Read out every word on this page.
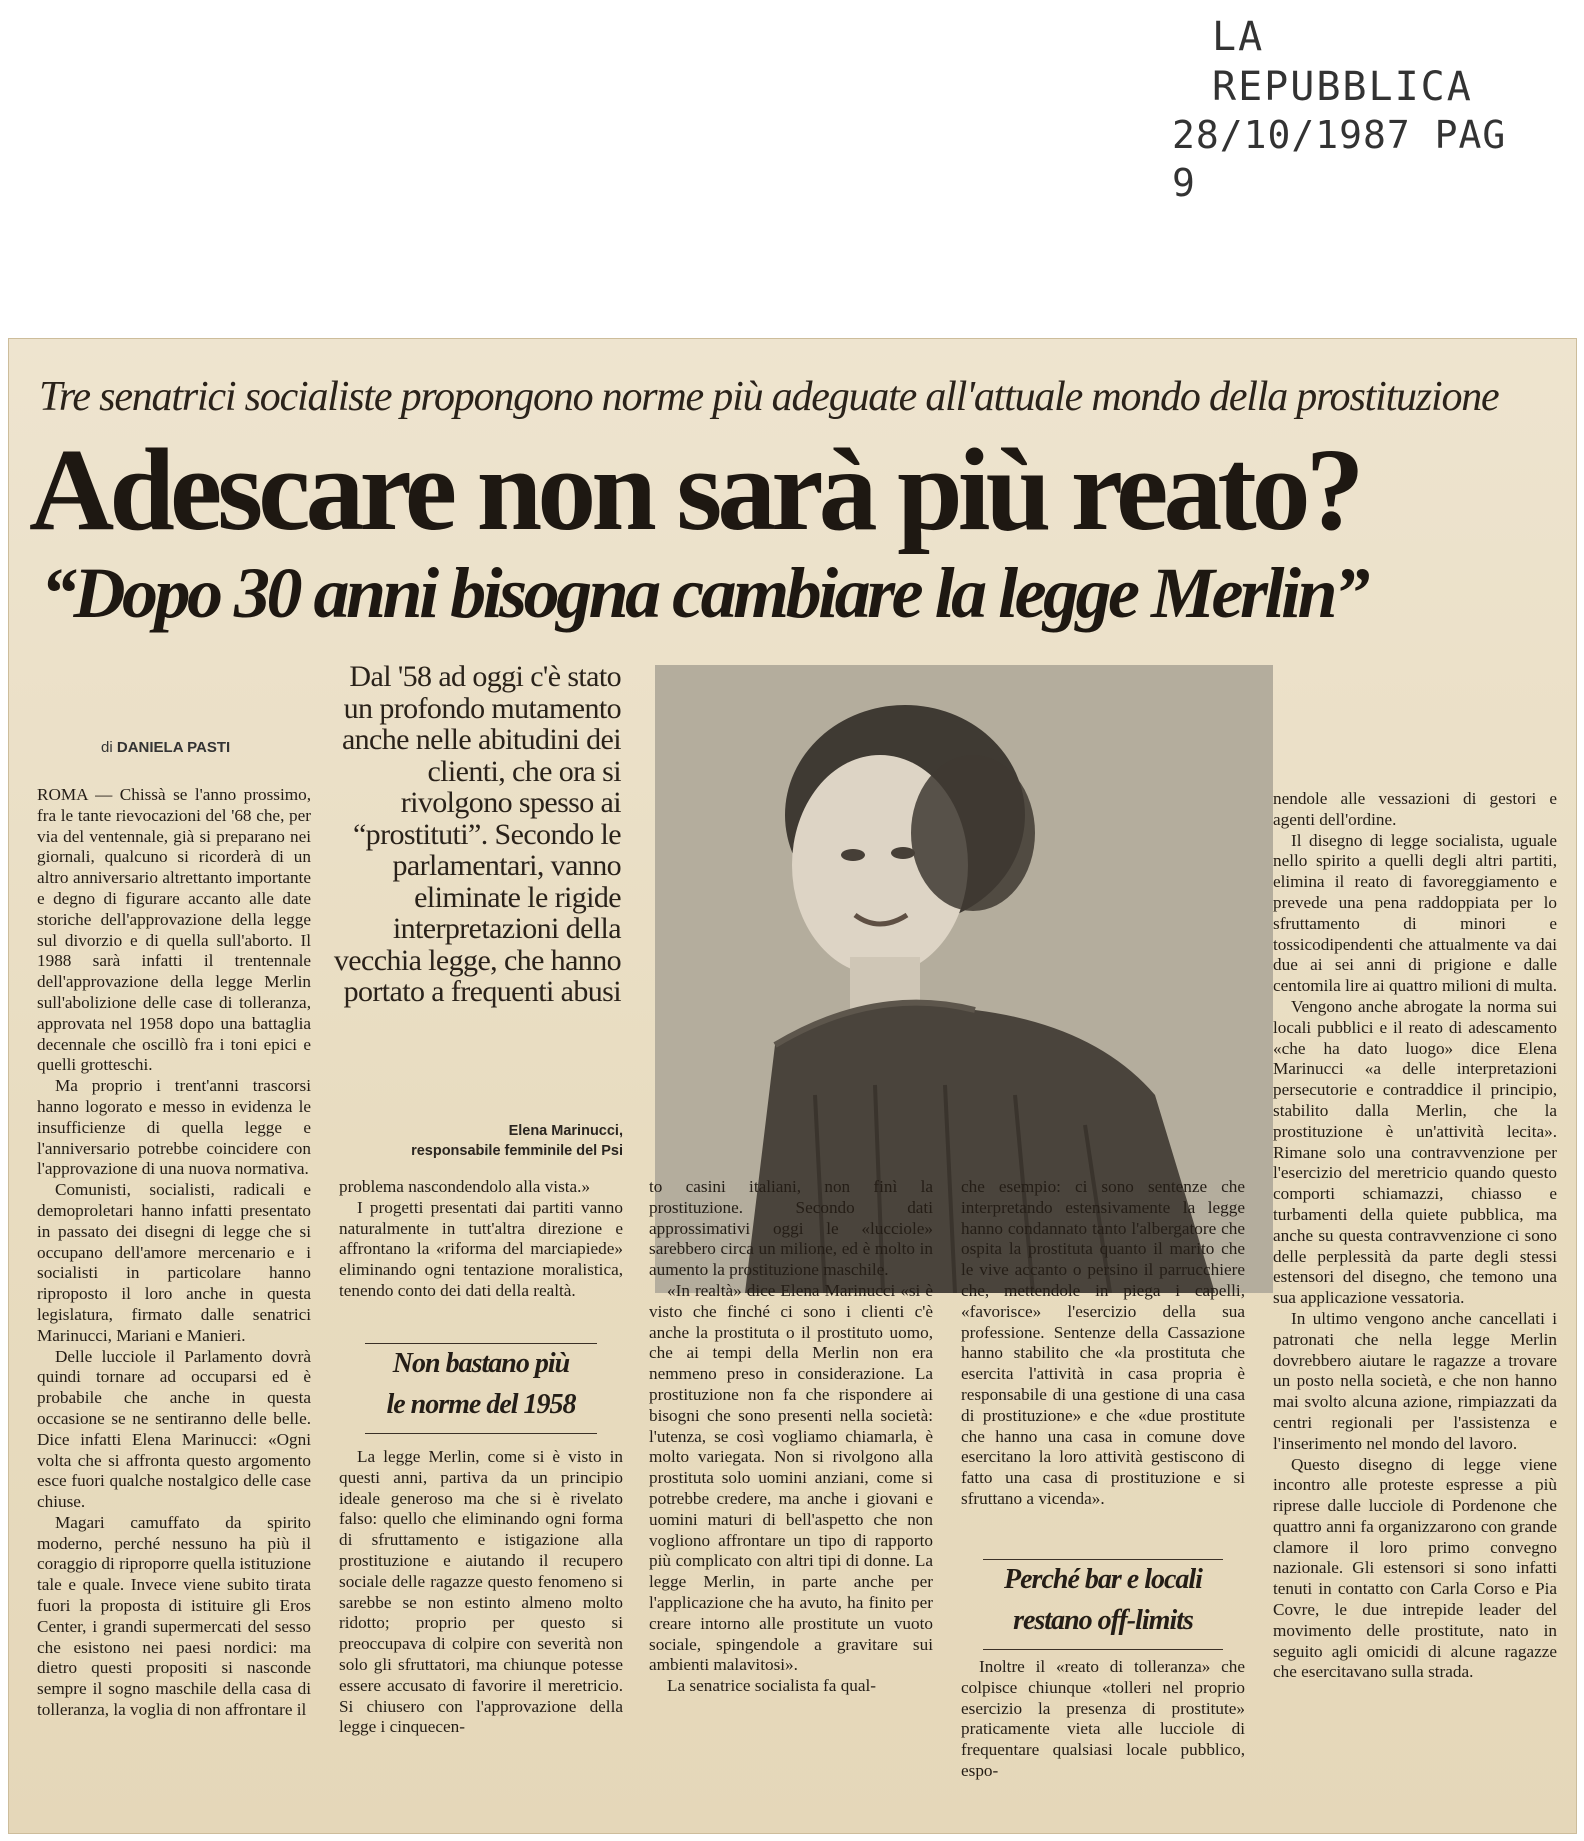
LA REPUBBLICA
28/10/1987 PAG 9
Tre senatrici socialiste propongono norme più adeguate all'attuale mondo della prostituzione
Adescare non sarà più reato?
“Dopo 30 anni bisogna cambiare la legge Merlin”
di DANIELA PASTI

ROMA — Chissà se l'anno prossimo, fra le tante rievocazioni del '68 che, per via del ventennale, già si preparano nei giornali, qualcuno si ricorderà di un altro anniversario altrettanto importante e degno di figurare accanto alle date storiche dell'approvazione della legge sul divorzio e di quella sull'aborto. Il 1988 sarà infatti il trentennale dell'approvazione della legge Merlin sull'abolizione delle case di tolleranza, approvata nel 1958 dopo una battaglia decennale che oscillò fra i toni epici e quelli grotteschi.

Ma proprio i trent'anni trascorsi hanno logorato e messo in evidenza le insufficienze di quella legge e l'anniversario potrebbe coincidere con l'approvazione di una nuova normativa.

Comunisti, socialisti, radicali e demoproletari hanno infatti presentato in passato dei disegni di legge che si occupano dell'amore mercenario e i socialisti in particolare hanno riproposto il loro anche in questa legislatura, firmato dalle senatrici Marinucci, Mariani e Manieri.

Delle lucciole il Parlamento dovrà quindi tornare ad occuparsi ed è probabile che anche in questa occasione se ne sentiranno delle belle. Dice infatti Elena Marinucci: «Ogni volta che si affronta questo argomento esce fuori qualche nostalgico delle case chiuse.

Magari camuffato da spirito moderno, perché nessuno ha più il coraggio di riproporre quella istituzione tale e quale. Invece viene subito tirata fuori la proposta di istituire gli Eros Center, i grandi supermercati del sesso che esistono nei paesi nordici: ma dietro questi propositi si nasconde sempre il sogno maschile della casa di tolleranza, la voglia di non affrontare il

Dal '58 ad oggi c'è stato un profondo mutamento anche nelle abitudini dei clienti, che ora si rivolgono spesso ai “prostituti”. Secondo le parlamentari, vanno eliminate le rigide interpretazioni della vecchia legge, che hanno portato a frequenti abusi
Elena Marinucci,
responsabile femminile del Psi

problema nascondendolo alla vista.»

I progetti presentati dai partiti vanno naturalmente in tutt'altra direzione e affrontano la «riforma del marciapiede» eliminando ogni tentazione moralistica, tenendo conto dei dati della realtà.

Non bastano più
le norme del 1958

La legge Merlin, come si è visto in questi anni, partiva da un principio ideale generoso ma che si è rivelato falso: quello che eliminando ogni forma di sfruttamento e istigazione alla prostituzione e aiutando il recupero sociale delle ragazze questo fenomeno si sarebbe se non estinto almeno molto ridotto; proprio per questo si preoccupava di colpire con severità non solo gli sfruttatori, ma chiunque potesse essere accusato di favorire il meretricio. Si chiusero con l'approvazione della legge i cinquecen-

to casini italiani, non finì la prostituzione. Secondo dati approssimativi oggi le «lucciole» sarebbero circa un milione, ed è molto in aumento la prostituzione maschile.

«In realtà» dice Elena Marinucci «si è visto che finché ci sono i clienti c'è anche la prostituta o il prostituto uomo, che ai tempi della Merlin non era nemmeno preso in considerazione. La prostituzione non fa che rispondere ai bisogni che sono presenti nella società: l'utenza, se così vogliamo chiamarla, è molto variegata. Non si rivolgono alla prostituta solo uomini anziani, come si potrebbe credere, ma anche i giovani e uomini maturi di bell'aspetto che non vogliono affrontare un tipo di rapporto più complicato con altri tipi di donne. La legge Merlin, in parte anche per l'applicazione che ha avuto, ha finito per creare intorno alle prostitute un vuoto sociale, spingendole a gravitare sui ambienti malavitosi».

La senatrice socialista fa qual-

che esempio: ci sono sentenze che interpretando estensivamente la legge hanno condannato tanto l'albergatore che ospita la prostituta quanto il marito che le vive accanto o persino il parrucchiere che, mettendole in piega i capelli, «favorisce» l'esercizio della sua professione. Sentenze della Cassazione hanno stabilito che «la prostituta che esercita l'attività in casa propria è responsabile di una gestione di una casa di prostituzione» e che «due prostitute che hanno una casa in comune dove esercitano la loro attività gestiscono di fatto una casa di prostituzione e si sfruttano a vicenda».

Perché bar e locali
restano off-limits

Inoltre il «reato di tolleranza» che colpisce chiunque «tolleri nel proprio esercizio la presenza di prostitute» praticamente vieta alle lucciole di frequentare qualsiasi locale pubblico, espo-

nendole alle vessazioni di gestori e agenti dell'ordine.

Il disegno di legge socialista, uguale nello spirito a quelli degli altri partiti, elimina il reato di favoreggiamento e prevede una pena raddoppiata per lo sfruttamento di minori e tossicodipendenti che attualmente va dai due ai sei anni di prigione e dalle centomila lire ai quattro milioni di multa.

Vengono anche abrogate la norma sui locali pubblici e il reato di adescamento «che ha dato luogo» dice Elena Marinucci «a delle interpretazioni persecutorie e contraddice il principio, stabilito dalla Merlin, che la prostituzione è un'attività lecita». Rimane solo una contravvenzione per l'esercizio del meretricio quando questo comporti schiamazzi, chiasso e turbamenti della quiete pubblica, ma anche su questa contravvenzione ci sono delle perplessità da parte degli stessi estensori del disegno, che temono una sua applicazione vessatoria.

In ultimo vengono anche cancellati i patronati che nella legge Merlin dovrebbero aiutare le ragazze a trovare un posto nella società, e che non hanno mai svolto alcuna azione, rimpiazzati da centri regionali per l'assistenza e l'inserimento nel mondo del lavoro.

Questo disegno di legge viene incontro alle proteste espresse a più riprese dalle lucciole di Pordenone che quattro anni fa organizzarono con grande clamore il loro primo convegno nazionale. Gli estensori si sono infatti tenuti in contatto con Carla Corso e Pia Covre, le due intrepide leader del movimento delle prostitute, nato in seguito agli omicidi di alcune ragazze che esercitavano sulla strada.
